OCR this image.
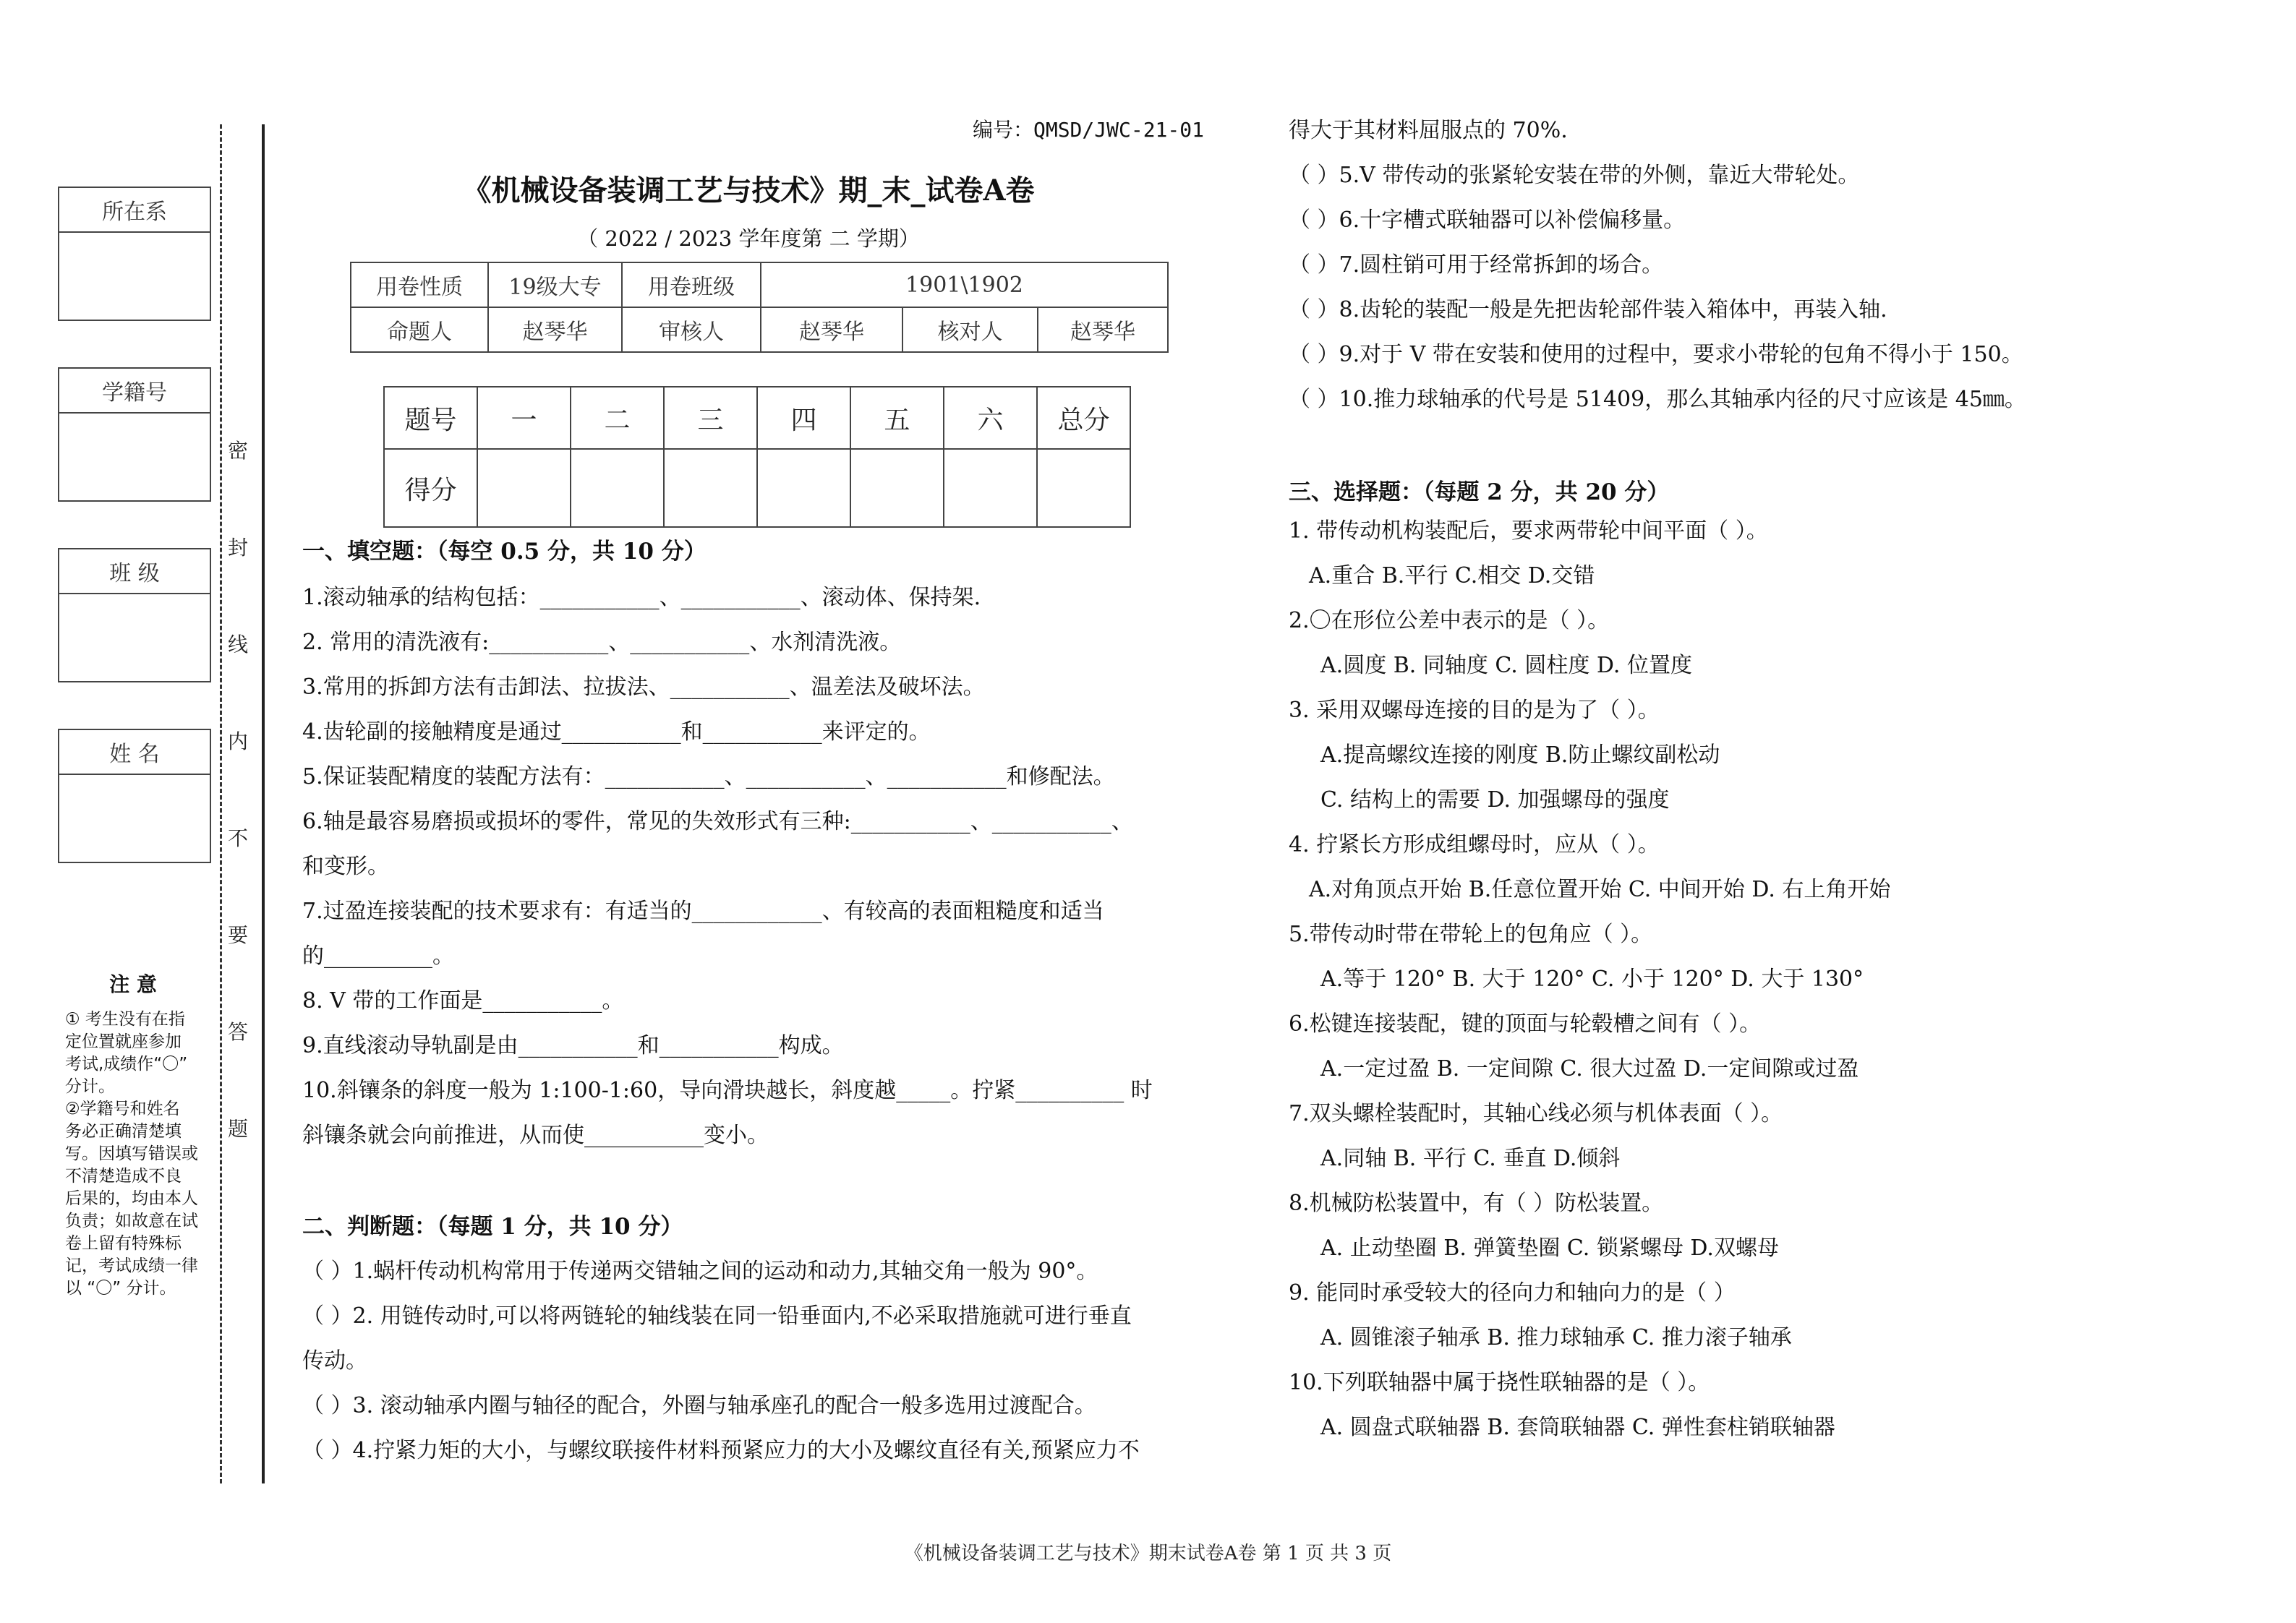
所在系
学籍号
班 级
姓 名
密
封
线
内
不
要
答
题
注 意
① 考生没有在指
定位置就座参加
考试,成绩作“〇”
分计。
②学籍号和姓名
务必正确清楚填
写。因填写错误或
不清楚造成不良
后果的，均由本人
负责；如故意在试
卷上留有特殊标
记，考试成绩一律
以 “〇” 分计。
编号：QMSD/JWC-21-01
《机械设备装调工艺与技术》期_末_试卷A卷
（ 2022 / 2023 学年度第 二 学期）
用卷性质	19级大专	用卷班级	1901\1902		
命题人	赵琴华	审核人	赵琴华	核对人	赵琴华
题号	一	二	三	四	五	六	总分
得分							
一、填空题：（每空 0.5 分，共 10 分）
1.滚动轴承的结构包括：___________、___________、滚动体、保持架.
2. 常用的清洗液有:___________、___________、水剂清洗液。
3.常用的拆卸方法有击卸法、拉拔法、___________、温差法及破坏法。
4.齿轮副的接触精度是通过___________和___________来评定的。
5.保证装配精度的装配方法有：___________、___________、___________和修配法。
6.轴是最容易磨损或损坏的零件，常见的失效形式有三种:___________、___________、
和变形。
7.过盈连接装配的技术要求有：有适当的____________、有较高的表面粗糙度和适当
的__________。
8. V 带的工作面是___________。
9.直线滚动导轨副是由___________和___________构成。
10.斜镶条的斜度一般为 1:100-1:60，导向滑块越长，斜度越_____。拧紧__________ 时
斜镶条就会向前推进，从而使___________变小。
二、判断题：（每题 1 分，共 10 分）
（ ）1.蜗杆传动机构常用于传递两交错轴之间的运动和动力,其轴交角一般为 90°。
（ ）2. 用链传动时,可以将两链轮的轴线装在同一铅垂面内,不必采取措施就可进行垂直
传动。
（ ）3. 滚动轴承内圈与轴径的配合，外圈与轴承座孔的配合一般多选用过渡配合。
（ ）4.拧紧力矩的大小，与螺纹联接件材料预紧应力的大小及螺纹直径有关,预紧应力不
得大于其材料屈服点的 70%.
（ ）5.V 带传动的张紧轮安装在带的外侧，靠近大带轮处。
（ ）6.十字槽式联轴器可以补偿偏移量。
（ ）7.圆柱销可用于经常拆卸的场合。
（ ）8.齿轮的装配一般是先把齿轮部件装入箱体中，再装入轴.
（ ）9.对于 V 带在安装和使用的过程中，要求小带轮的包角不得小于 150。
（ ）10.推力球轴承的代号是 51409，那么其轴承内径的尺寸应该是 45㎜。
三、选择题：（每题 2 分，共 20 分）
1. 带传动机构装配后，要求两带轮中间平面（ ）。
A.重合 B.平行 C.相交 D.交错
2.〇在形位公差中表示的是（ ）。
A.圆度 B. 同轴度 C. 圆柱度 D. 位置度
3. 采用双螺母连接的目的是为了（ ）。
A.提高螺纹连接的刚度 B.防止螺纹副松动
C. 结构上的需要 D. 加强螺母的强度
4. 拧紧长方形成组螺母时，应从（ ）。
A.对角顶点开始 B.任意位置开始 C. 中间开始 D. 右上角开始
5.带传动时带在带轮上的包角应（ ）。
A.等于 120° B. 大于 120° C. 小于 120° D. 大于 130°
6.松键连接装配，键的顶面与轮毂槽之间有（ ）。
A.一定过盈 B. 一定间隙 C. 很大过盈 D.一定间隙或过盈
7.双头螺栓装配时，其轴心线必须与机体表面（ ）。
A.同轴 B. 平行 C. 垂直 D.倾斜
8.机械防松装置中，有（ ）防松装置。
A. 止动垫圈 B. 弹簧垫圈 C. 锁紧螺母 D.双螺母
9. 能同时承受较大的径向力和轴向力的是（ ）
A. 圆锥滚子轴承 B. 推力球轴承 C. 推力滚子轴承
10.下列联轴器中属于挠性联轴器的是（ ）。
A. 圆盘式联轴器 B. 套筒联轴器 C. 弹性套柱销联轴器
《机械设备装调工艺与技术》期末试卷A卷 第 1 页 共 3 页
